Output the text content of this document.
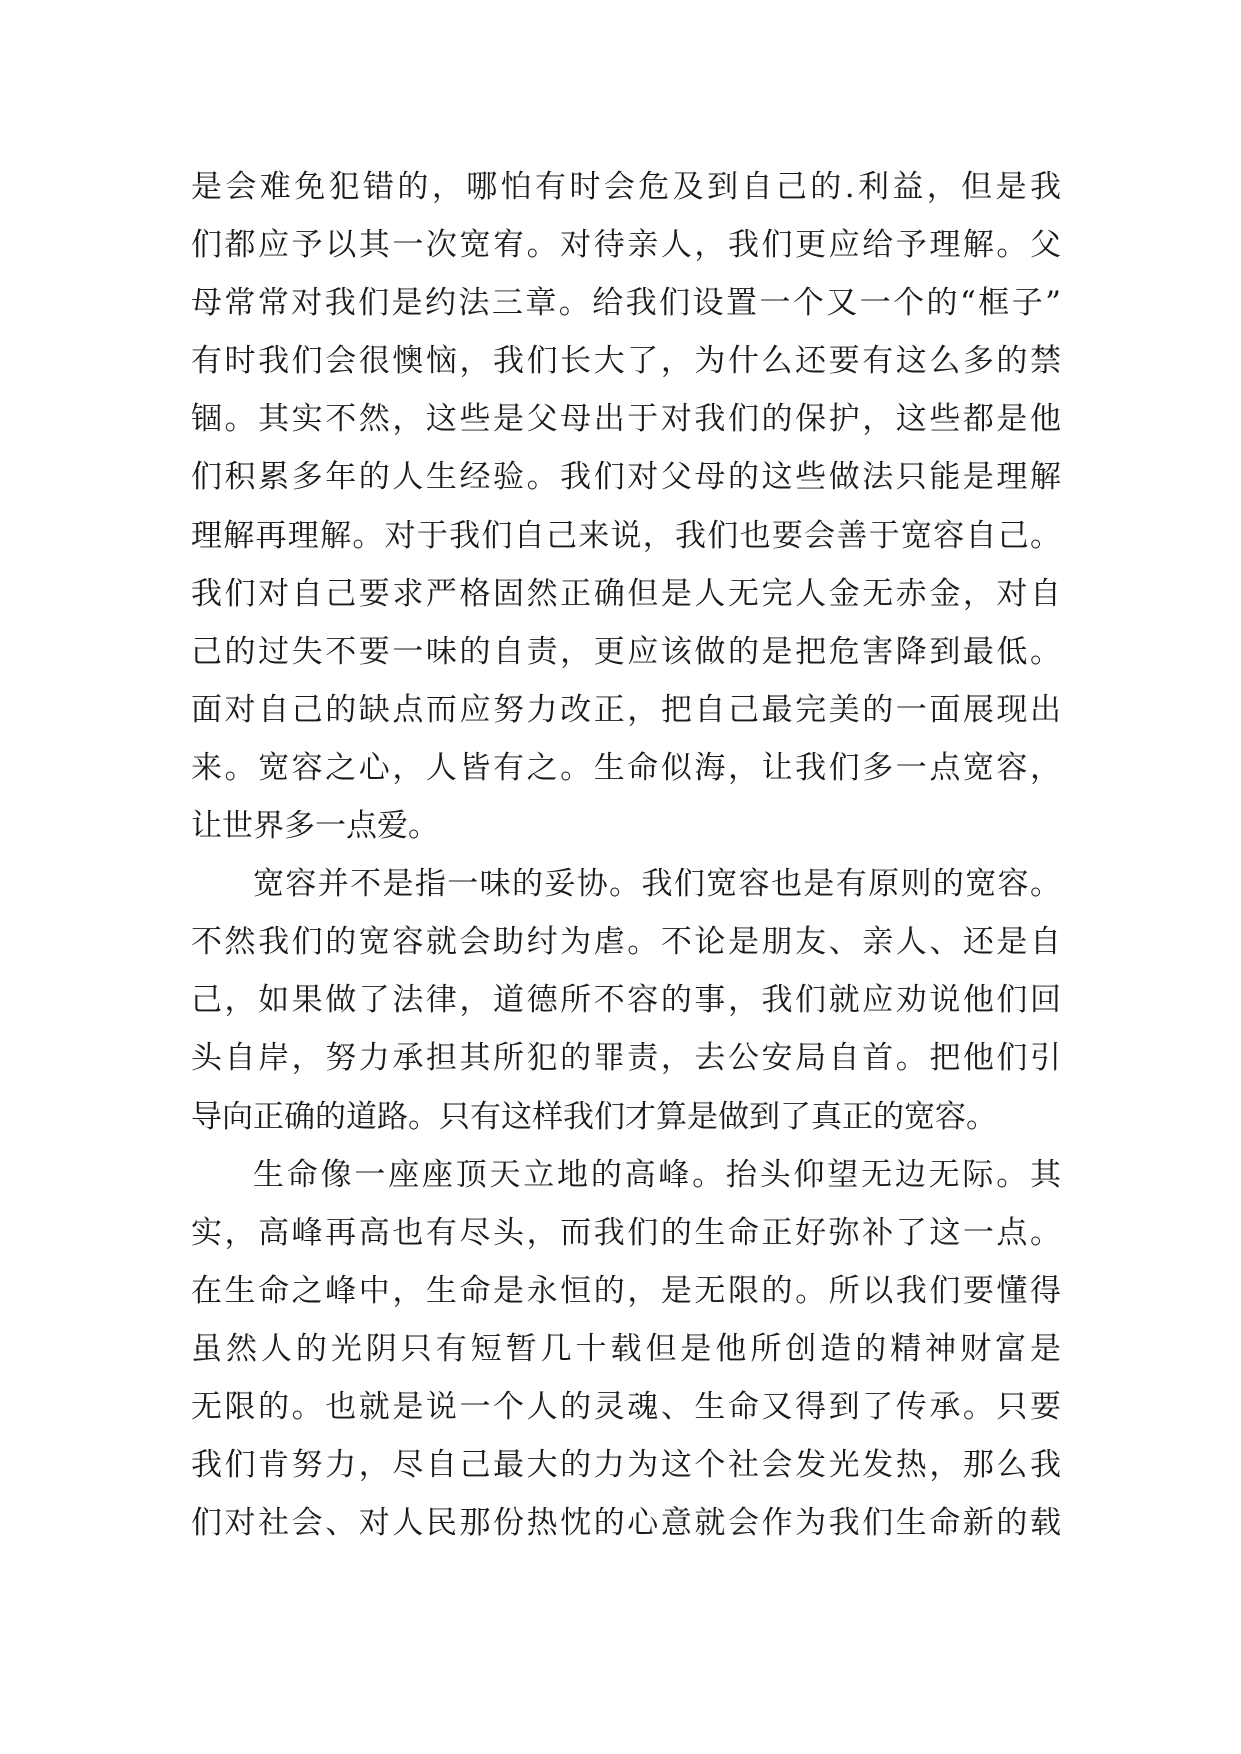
是会难免犯错的，哪怕有时会危及到自己的.利益，但是我
们都应予以其一次宽宥。对待亲人，我们更应给予理解。父
母常常对我们是约法三章。给我们设置一个又一个的“框子”
有时我们会很懊恼，我们长大了，为什么还要有这么多的禁
锢。其实不然，这些是父母出于对我们的保护，这些都是他
们积累多年的人生经验。我们对父母的这些做法只能是理解
理解再理解。对于我们自己来说，我们也要会善于宽容自己。
我们对自己要求严格固然正确但是人无完人金无赤金，对自
己的过失不要一味的自责，更应该做的是把危害降到最低。
面对自己的缺点而应努力改正，把自己最完美的一面展现出
来。宽容之心，人皆有之。生命似海，让我们多一点宽容，
让世界多一点爱。
宽容并不是指一味的妥协。我们宽容也是有原则的宽容。
不然我们的宽容就会助纣为虐。不论是朋友、亲人、还是自
己，如果做了法律，道德所不容的事，我们就应劝说他们回
头自岸，努力承担其所犯的罪责，去公安局自首。把他们引
导向正确的道路。只有这样我们才算是做到了真正的宽容。
生命像一座座顶天立地的高峰。抬头仰望无边无际。其
实，高峰再高也有尽头，而我们的生命正好弥补了这一点。
在生命之峰中，生命是永恒的，是无限的。所以我们要懂得
虽然人的光阴只有短暂几十载但是他所创造的精神财富是
无限的。也就是说一个人的灵魂、生命又得到了传承。只要
我们肯努力，尽自己最大的力为这个社会发光发热，那么我
们对社会、对人民那份热忱的心意就会作为我们生命新的载
